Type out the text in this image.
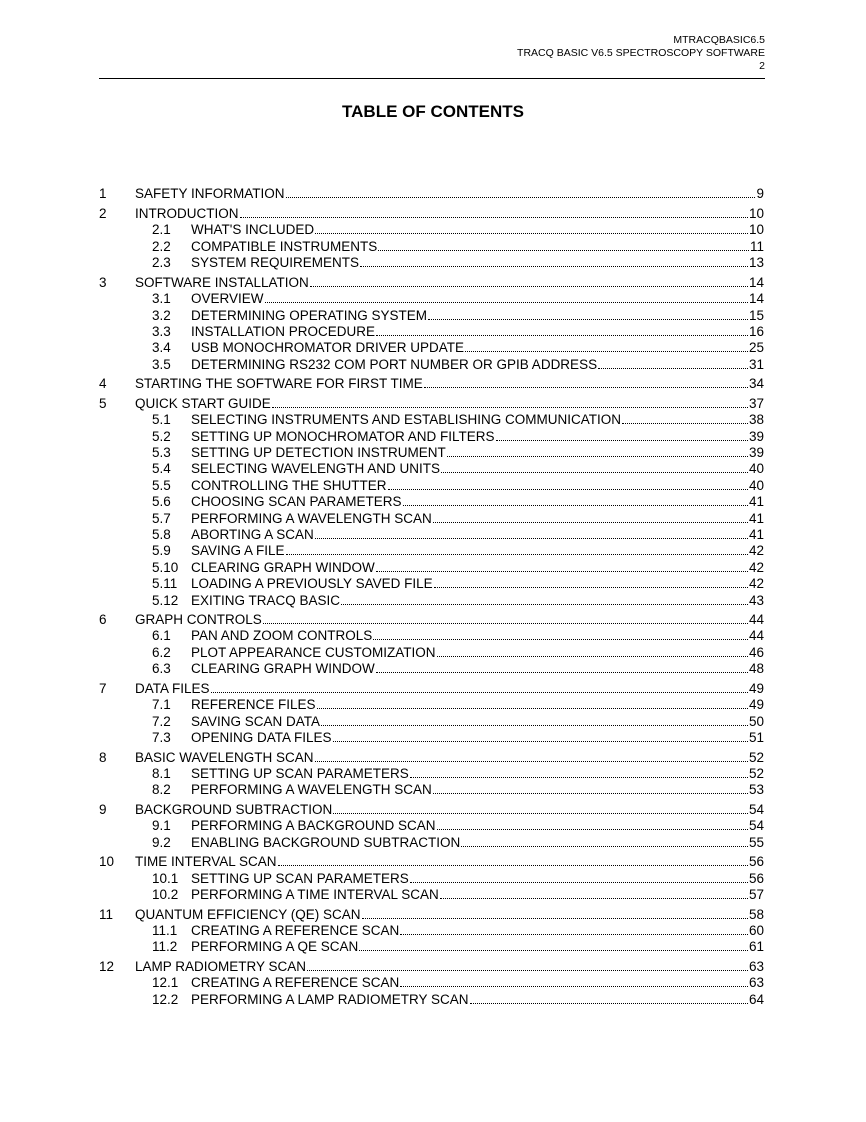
MTRACQBASIC6.5
TRACQ BASIC V6.5 SPECTROSCOPY SOFTWARE
2
TABLE OF CONTENTS
1	SAFETY INFORMATION	9
2	INTRODUCTION	10
2.1	WHAT'S INCLUDED	10
2.2	COMPATIBLE INSTRUMENTS	11
2.3	SYSTEM REQUIREMENTS	13
3	SOFTWARE INSTALLATION	14
3.1	OVERVIEW	14
3.2	DETERMINING OPERATING SYSTEM	15
3.3	INSTALLATION PROCEDURE	16
3.4	USB MONOCHROMATOR DRIVER UPDATE	25
3.5	DETERMINING RS232 COM PORT NUMBER OR GPIB ADDRESS	31
4	STARTING THE SOFTWARE FOR FIRST TIME	34
5	QUICK START GUIDE	37
5.1	SELECTING INSTRUMENTS AND ESTABLISHING COMMUNICATION	38
5.2	SETTING UP MONOCHROMATOR AND FILTERS	39
5.3	SETTING UP DETECTION INSTRUMENT	39
5.4	SELECTING WAVELENGTH AND UNITS	40
5.5	CONTROLLING THE SHUTTER	40
5.6	CHOOSING SCAN PARAMETERS	41
5.7	PERFORMING A WAVELENGTH SCAN	41
5.8	ABORTING A SCAN	41
5.9	SAVING A FILE	42
5.10 CLEARING GRAPH WINDOW	42
5.11	LOADING A PREVIOUSLY SAVED FILE	42
5.12 EXITING TRACQ BASIC	43
6	GRAPH CONTROLS	44
6.1	PAN AND ZOOM CONTROLS	44
6.2	PLOT APPEARANCE CUSTOMIZATION	46
6.3	CLEARING GRAPH WINDOW	48
7	DATA FILES	49
7.1	REFERENCE FILES	49
7.2	SAVING SCAN DATA	50
7.3	OPENING DATA FILES	51
8	BASIC WAVELENGTH SCAN	52
8.1	SETTING UP SCAN PARAMETERS	52
8.2	PERFORMING A WAVELENGTH SCAN	53
9	BACKGROUND SUBTRACTION	54
9.1	PERFORMING A BACKGROUND SCAN	54
9.2	ENABLING BACKGROUND SUBTRACTION	55
10	TIME INTERVAL SCAN	56
10.1 SETTING UP SCAN PARAMETERS	56
10.2 PERFORMING A TIME INTERVAL SCAN	57
11	QUANTUM EFFICIENCY (QE) SCAN	58
11.1	CREATING A REFERENCE SCAN	60
11.2	PERFORMING A QE SCAN	61
12	LAMP RADIOMETRY SCAN	63
12.1 CREATING A REFERENCE SCAN	63
12.2 PERFORMING A LAMP RADIOMETRY SCAN	64
